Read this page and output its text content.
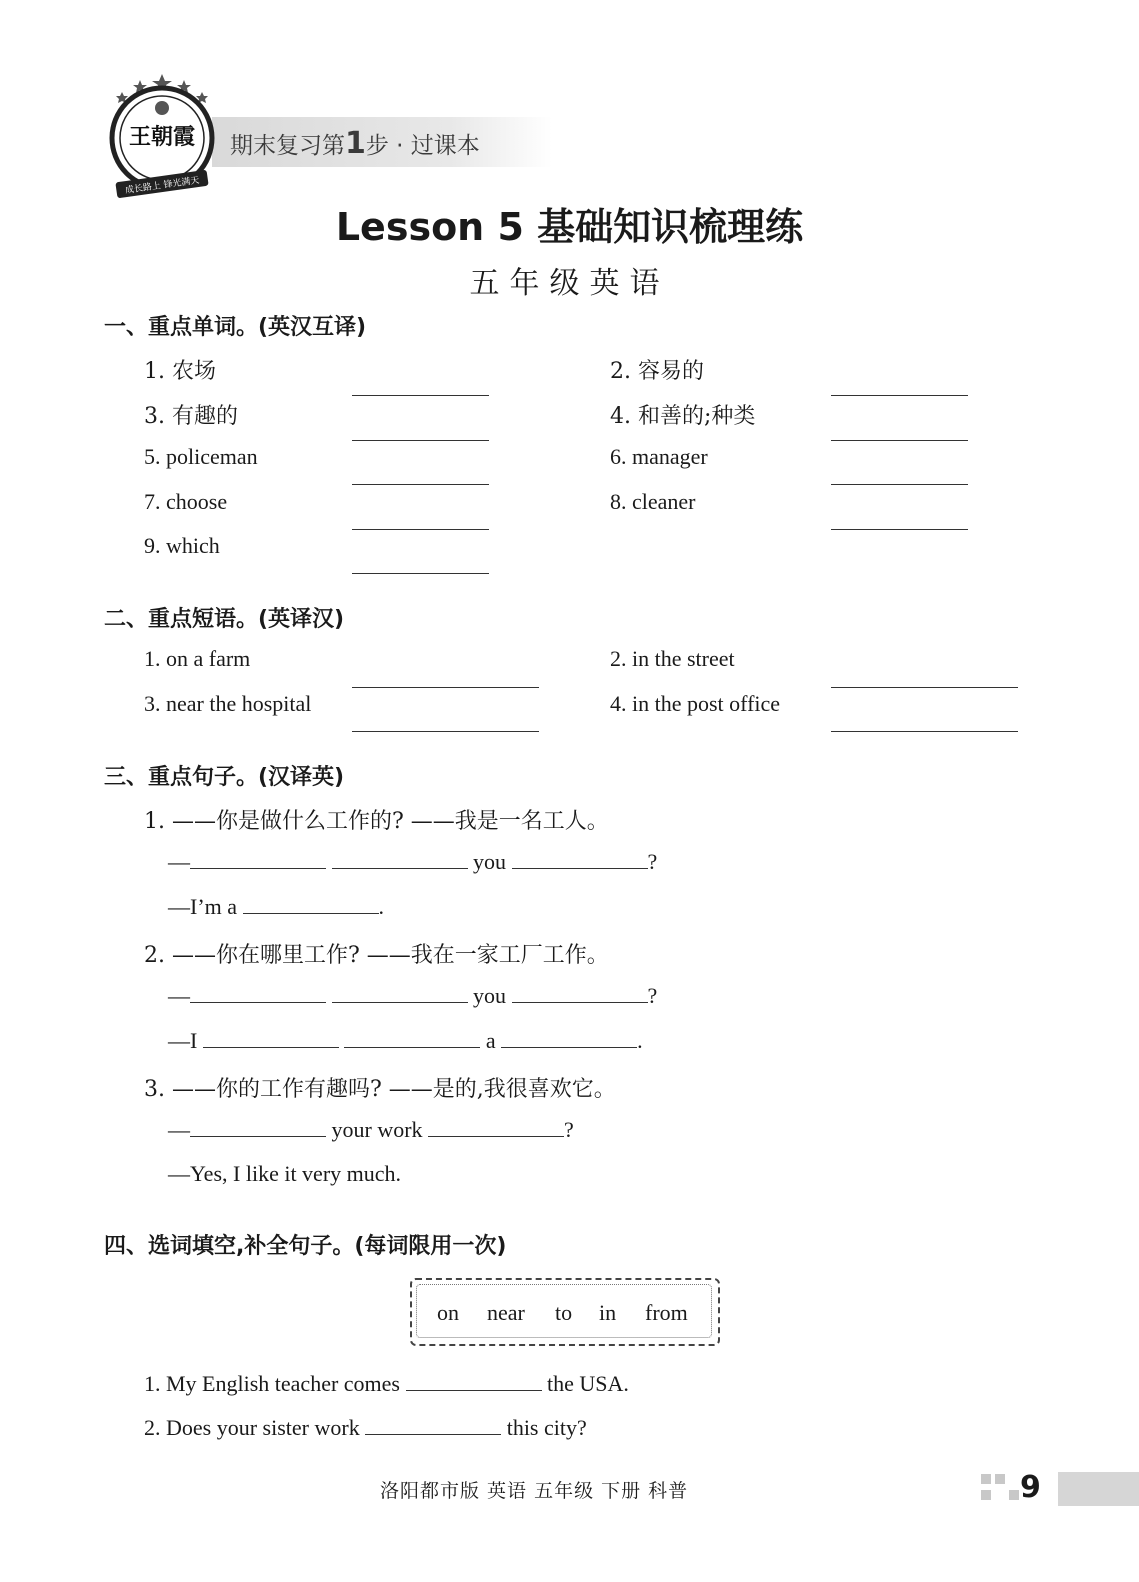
期末复习第1步 · 过课本
王朝霞
成长路上 锋光满天
Lesson 5 基础知识梳理练
五年级英语
一、重点单词。(英汉互译)
1. 农场	2. 容易的
3. 有趣的	4. 和善的;种类
5. policeman	6. manager
7. choose	8. cleaner
9. which
二、重点短语。(英译汉)
1. on a farm	2. in the street
3. near the hospital	4. in the post office
三、重点句子。(汉译英)
1. ——你是做什么工作的? ——我是一名工人。
—	you	?
—I’m a	.
2. ——你在哪里工作? ——我在一家工厂工作。
—	you	?
—I	a	.
3. ——你的工作有趣吗? ——是的,我很喜欢它。
—	your work	?
—Yes, I like it very much.
四、选词填空,补全句子。(每词限用一次)
on near to in from
1. My English teacher comes	the USA.
2. Does your sister work	this city?
洛阳都市版 英语 五年级 下册 科普	9
